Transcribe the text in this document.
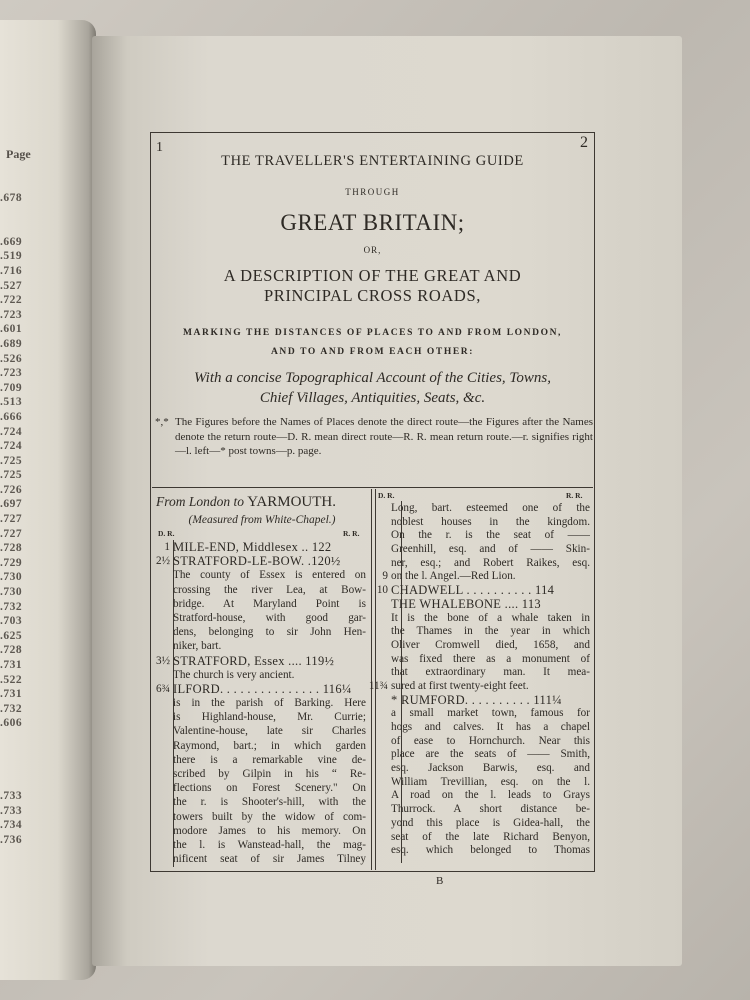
Page
.678
.669
.519
.716
.527
.722
.723
.601
.689
.526
.723
.709
.513
.666
.724
.724
.725
.725
.726
.697
.727
.727
.728
.729
.730
.730
.732
.703
.625
.728
.731
.522
.731
.732
.606
.733
.733
.734
.736
1	2
THE TRAVELLER'S ENTERTAINING GUIDE
THROUGH
GREAT BRITAIN;
OR,
A DESCRIPTION OF THE GREAT AND
PRINCIPAL CROSS ROADS,
MARKING THE DISTANCES OF PLACES TO AND FROM LONDON,
AND TO AND FROM EACH OTHER:
With a concise Topographical Account of the Cities, Towns,
Chief Villages, Antiquities, Seats, &c.
*,* The Figures before the Names of Places denote the direct route—the Figures after the Names denote the return route—D. R. mean direct route—R. R. mean return route.—r. signifies right—l. left—* post towns—p. page.
From London to YARMOUTH.
(Measured from White-Chapel.)
D. R.	R. R.
D. R.	R. R.
1 MILE-END, Middlesex .. 122
2½ STRATFORD-LE-BOW. .120½
The county of Essex is entered on
crossing the river Lea, at Bow-
bridge. At Maryland Point is
Stratford-house, with good gar-
dens, belonging to sir John Hen-
niker, bart.
3½ STRATFORD, Essex .... 119½
The church is very ancient.
6¾ ILFORD. . . . . . . . . . . . . . . 116¼
is in the parish of Barking. Here
is Highland-house, Mr. Currie;
Valentine-house, late sir Charles
Raymond, bart.; in which garden
there is a remarkable vine de-
scribed by Gilpin in his “ Re-
flections on Forest Scenery." On
the r. is Shooter's-hill, with the
towers built by the widow of com-
modore James to his memory. On
the l. is Wanstead-hall, the mag-
nificent seat of sir James Tilney
Long, bart. esteemed one of the
noblest houses in the kingdom.
On the r. is the seat of ——
Greenhill, esq. and of —— Skin-
ner, esq.; and Robert Raikes, esq.
9 on the l. Angel.—Red Lion.
10 CHADWELL . . . . . . . . . . 114
THE WHALEBONE .... 113
It is the bone of a whale taken in
the Thames in the year in which
Oliver Cromwell died, 1658, and
was fixed there as a monument of
that extraordinary man. It mea-
11¾ sured at first twenty-eight feet.
* RUMFORD. . . . . . . . . . 111¼
a small market town, famous for
hogs and calves. It has a chapel
of ease to Hornchurch. Near this
place are the seats of —— Smith,
esq. Jackson Barwis, esq. and
William Trevillian, esq. on the l.
A road on the l. leads to Grays
Thurrock. A short distance be-
yond this place is Gidea-hall, the
seat of the late Richard Benyon,
esq. which belonged to Thomas
B
